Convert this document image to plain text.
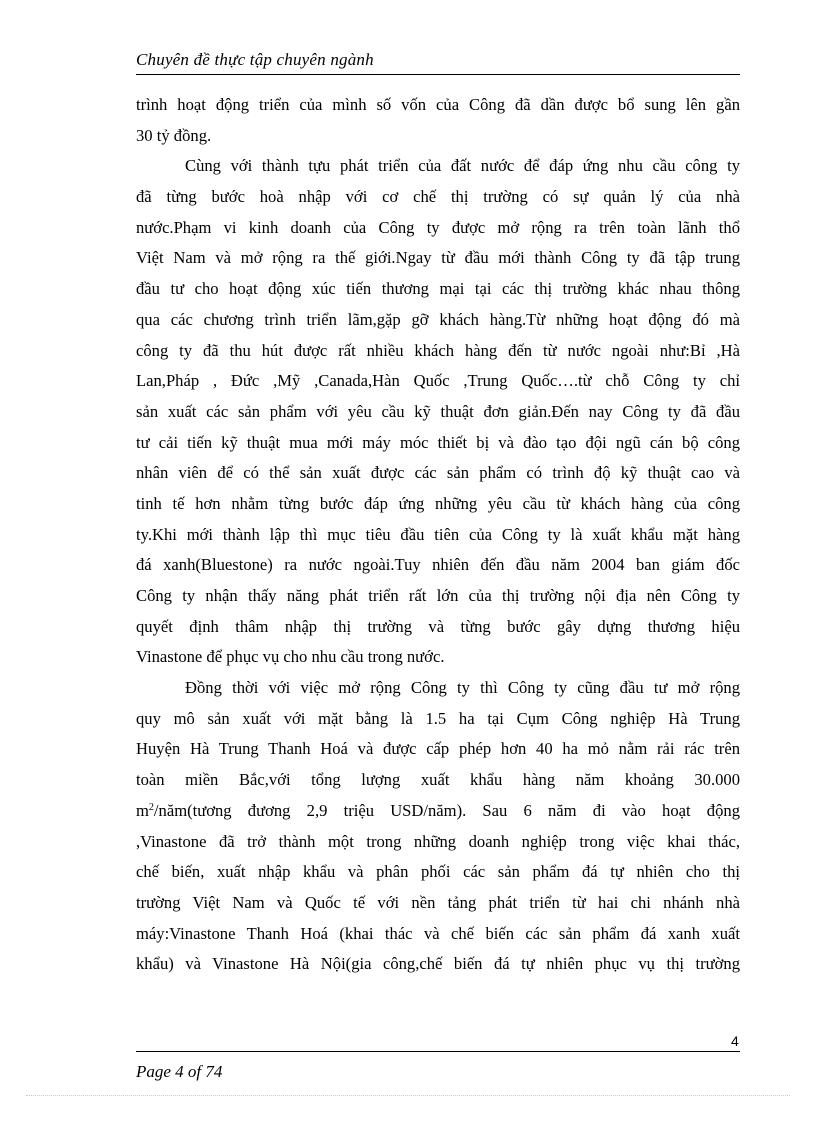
Chuyên đề thực tập chuyên ngành
trình hoạt động triển của mình số vốn của Công đã dần được bổ sung lên gần
30 tỷ đồng.
Cùng với thành tựu phát triển của đất nước để đáp ứng nhu cầu công ty
đã từng bước hoà nhập với cơ chế thị trường có sự quản lý của nhà
nước.Phạm vi kinh doanh của Công ty được mở rộng ra trên toàn lãnh thổ
Việt Nam và mở rộng ra thế giới.Ngay từ đầu mới thành Công ty đã tập trung
đầu tư cho hoạt động xúc tiến thương mại tại các thị trường khác nhau thông
qua các chương trình triển lãm,gặp gỡ khách hàng.Từ những hoạt động đó mà
công ty đã thu hút được rất nhiều khách hàng đến từ nước ngoài như:Bỉ ,Hà
Lan,Pháp , Đức ,Mỹ ,Canada,Hàn Quốc ,Trung Quốc….từ chỗ Công ty chỉ
sản xuất các sản phẩm với yêu cầu kỹ thuật đơn giản.Đến nay Công ty đã đầu
tư cải tiến kỹ thuật mua mới máy móc thiết bị và đào tạo đội ngũ cán bộ công
nhân viên để có thể sản xuất được các sản phẩm có trình độ kỹ thuật cao và
tinh tế hơn nhằm từng bước đáp ứng những yêu cầu từ khách hàng của công
ty.Khi mới thành lập thì mục tiêu đầu tiên của Công ty là xuất khẩu mặt hàng
đá xanh(Bluestone) ra nước ngoài.Tuy nhiên đến đầu năm 2004 ban giám đốc
Công ty nhận thấy năng phát triển rất lớn của thị trường nội địa nên Công ty
quyết định thâm nhập thị trường và từng bước gây dựng thương hiệu
Vinastone để phục vụ cho nhu cầu trong nước.
Đồng thời với việc mở rộng Công ty thì Công ty cũng đầu tư mở rộng
quy mô sản xuất với mặt bằng là 1.5 ha tại Cụm Công nghiệp Hà Trung
Huyện Hà Trung Thanh Hoá và được cấp phép hơn 40 ha mỏ nằm rải rác trên
toàn miền Bắc,với tổng lượng xuất khẩu hàng năm khoảng 30.000
$m^2/năm(tương$ đương 2,9 triệu USD/năm). Sau 6 năm đi vào hoạt động
,Vinastone đã trở thành một trong những doanh nghiệp trong việc khai thác,
chế biến, xuất nhập khẩu và phân phối các sản phẩm đá tự nhiên cho thị
trường Việt Nam và Quốc tế với nền tảng phát triển từ hai chi nhánh nhà
máy:Vinastone Thanh Hoá (khai thác và chế biến các sản phẩm đá xanh xuất
khẩu) và Vinastone Hà Nội(gia công,chế biến đá tự nhiên phục vụ thị trường
4
Page 4 of 74
